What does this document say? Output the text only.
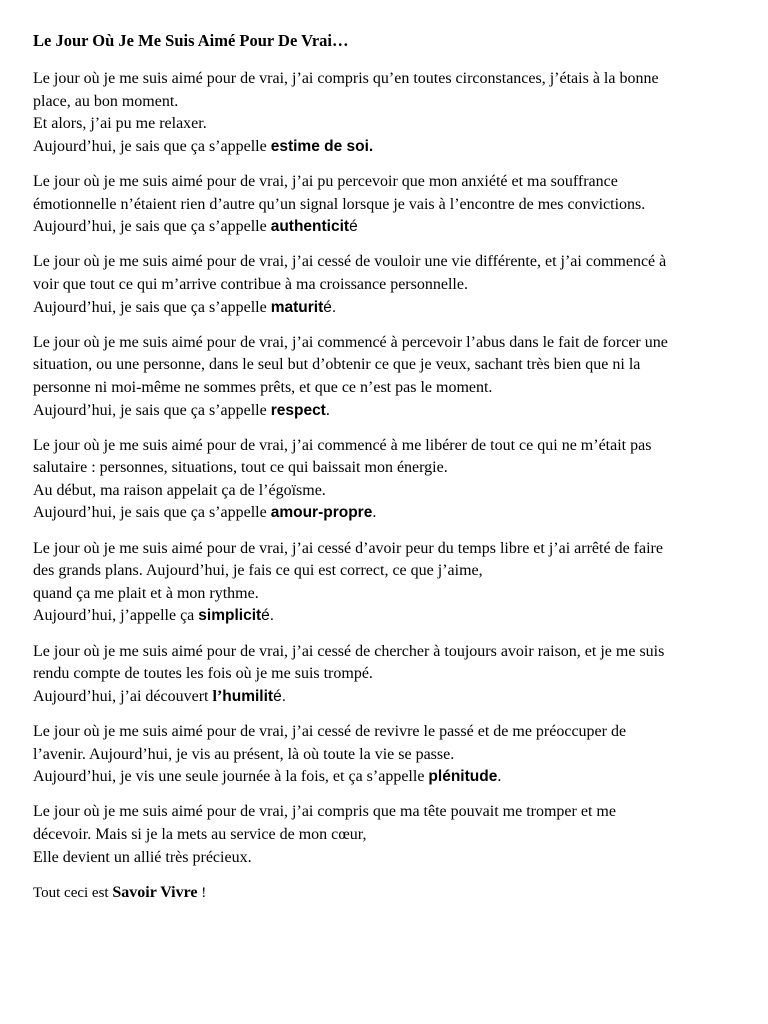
Le Jour Où Je Me Suis Aimé Pour De Vrai…
Le jour où je me suis aimé pour de vrai, j’ai compris qu’en toutes circonstances, j’étais à la bonne
place, au bon moment.
Et alors, j’ai pu me relaxer.
Aujourd’hui, je sais que ça s’appelle estime de soi.
Le jour où je me suis aimé pour de vrai, j’ai pu percevoir que mon anxiété et ma souffrance
émotionnelle n’étaient rien d’autre qu’un signal lorsque je vais à l’encontre de mes convictions.
Aujourd’hui, je sais que ça s’appelle authenticité
Le jour où je me suis aimé pour de vrai, j’ai cessé de vouloir une vie différente, et j’ai commencé à
voir que tout ce qui m’arrive contribue à ma croissance personnelle.
Aujourd’hui, je sais que ça s’appelle maturité.
Le jour où je me suis aimé pour de vrai, j’ai commencé à percevoir l’abus dans le fait de forcer une
situation, ou une personne, dans le seul but d’obtenir ce que je veux, sachant très bien que ni la
personne ni moi-même ne sommes prêts, et que ce n’est pas le moment.
Aujourd’hui, je sais que ça s’appelle respect.
Le jour où je me suis aimé pour de vrai, j’ai commencé à me libérer de tout ce qui ne m’était pas
salutaire : personnes, situations, tout ce qui baissait mon énergie.
Au début, ma raison appelait ça de l’égoïsme.
Aujourd’hui, je sais que ça s’appelle amour-propre.
Le jour où je me suis aimé pour de vrai, j’ai cessé d’avoir peur du temps libre et j’ai arrêté de faire
des grands plans. Aujourd’hui, je fais ce qui est correct, ce que j’aime,
quand ça me plait et à mon rythme.
Aujourd’hui, j’appelle ça simplicité.
Le jour où je me suis aimé pour de vrai, j’ai cessé de chercher à toujours avoir raison, et je me suis
rendu compte de toutes les fois où je me suis trompé.
Aujourd’hui, j’ai découvert l’humilité.
Le jour où je me suis aimé pour de vrai, j’ai cessé de revivre le passé et de me préoccuper de
l’avenir. Aujourd’hui, je vis au présent, là où toute la vie se passe.
Aujourd’hui, je vis une seule journée à la fois, et ça s’appelle plénitude.
Le jour où je me suis aimé pour de vrai, j’ai compris que ma tête pouvait me tromper et me
décevoir. Mais si je la mets au service de mon cœur,
Elle devient un allié très précieux.
Tout ceci est Savoir Vivre !
